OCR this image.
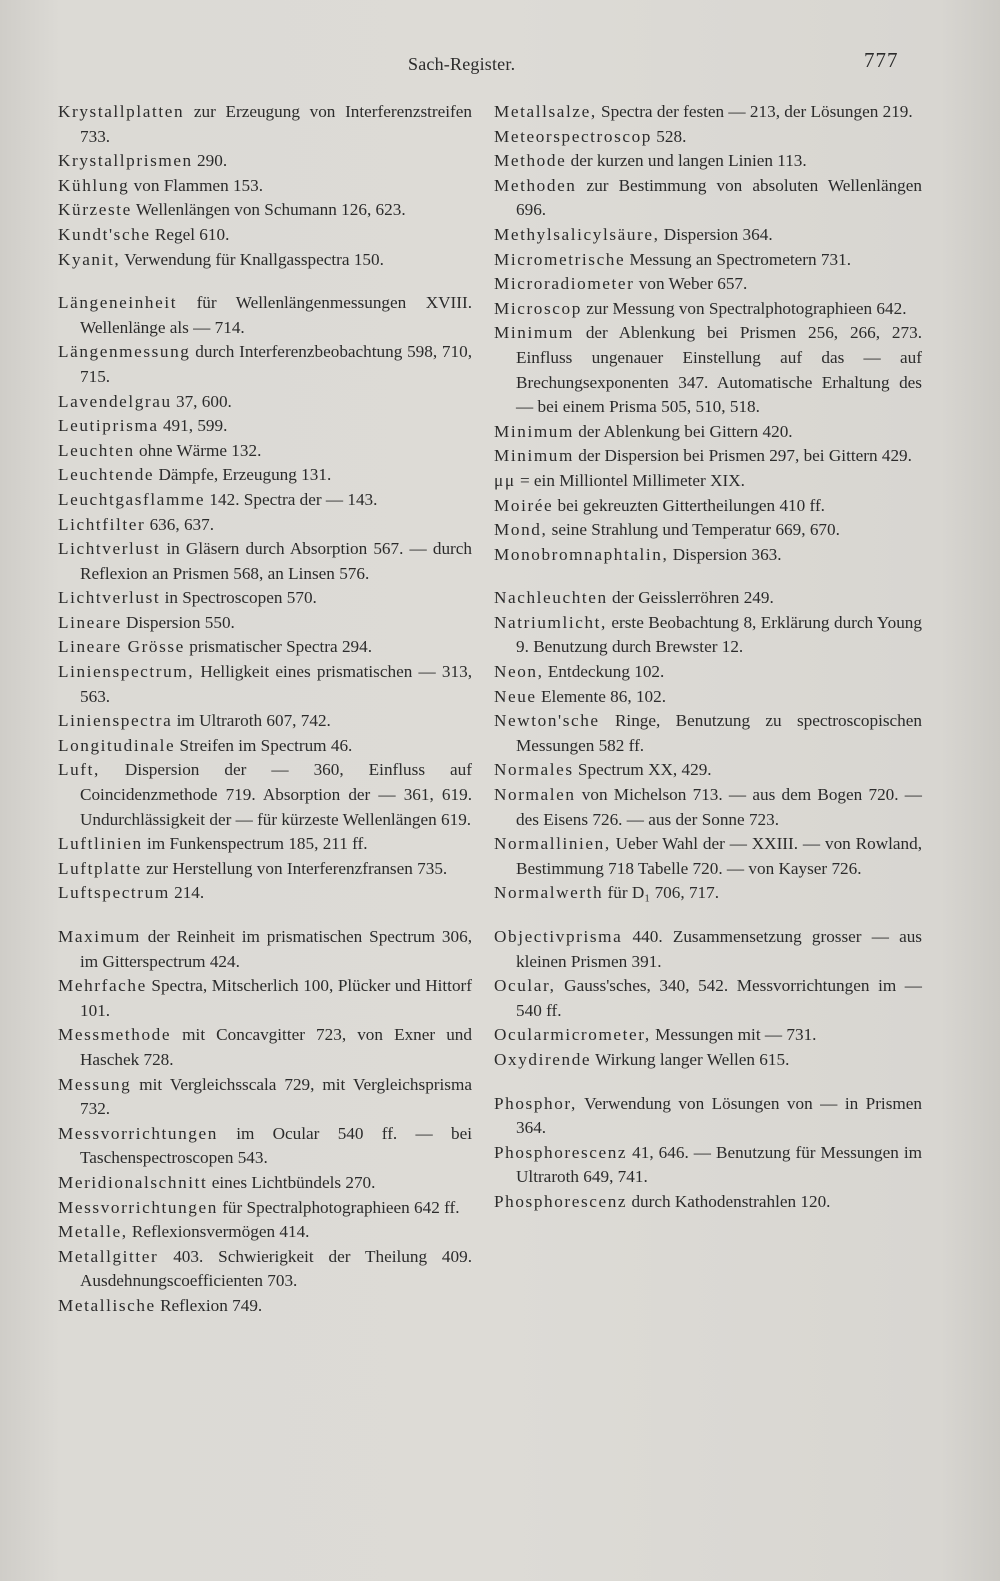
Sach-Register.	777

Krystallplatten zur Erzeugung von Interferenzstreifen 733.

Krystallprismen 290.

Kühlung von Flammen 153.

Kürzeste Wellenlängen von Schumann 126, 623.

Kundt'sche Regel 610.

Kyanit, Verwendung für Knallgasspectra 150.

Längeneinheit für Wellenlängenmessungen XVIII. Wellenlänge als — 714.

Längenmessung durch Interferenzbeobachtung 598, 710, 715.

Lavendelgrau 37, 600.

Leutiprisma 491, 599.

Leuchten ohne Wärme 132.

Leuchtende Dämpfe, Erzeugung 131.

Leuchtgasflamme 142. Spectra der — 143.

Lichtfilter 636, 637.

Lichtverlust in Gläsern durch Absorption 567. — durch Reflexion an Prismen 568, an Linsen 576.

Lichtverlust in Spectroscopen 570.

Lineare Dispersion 550.

Lineare Grösse prismatischer Spectra 294.

Linienspectrum, Helligkeit eines prismatischen — 313, 563.

Linienspectra im Ultraroth 607, 742.

Longitudinale Streifen im Spectrum 46.

Luft, Dispersion der — 360, Einfluss auf Coincidenzmethode 719. Absorption der — 361, 619. Undurchlässigkeit der — für kürzeste Wellenlängen 619.

Luftlinien im Funkenspectrum 185, 211 ff.

Luftplatte zur Herstellung von Interferenzfransen 735.

Luftspectrum 214.

Maximum der Reinheit im prismatischen Spectrum 306, im Gitterspectrum 424.

Mehrfache Spectra, Mitscherlich 100, Plücker und Hittorf 101.

Messmethode mit Concavgitter 723, von Exner und Haschek 728.

Messung mit Vergleichsscala 729, mit Vergleichsprisma 732.

Messvorrichtungen im Ocular 540 ff. — bei Taschenspectroscopen 543.

Meridionalschnitt eines Lichtbündels 270.

Messvorrichtungen für Spectralphotographieen 642 ff.

Metalle, Reflexionsvermögen 414.

Metallgitter 403. Schwierigkeit der Theilung 409. Ausdehnungscoefficienten 703.

Metallische Reflexion 749.

Metallsalze, Spectra der festen — 213, der Lösungen 219.

Meteorspectroscop 528.

Methode der kurzen und langen Linien 113.

Methoden zur Bestimmung von absoluten Wellenlängen 696.

Methylsalicylsäure, Dispersion 364.

Micrometrische Messung an Spectrometern 731.

Microradiometer von Weber 657.

Microscop zur Messung von Spectralphotographieen 642.

Minimum der Ablenkung bei Prismen 256, 266, 273. Einfluss ungenauer Einstellung auf das — auf Brechungsexponenten 347. Automatische Erhaltung des — bei einem Prisma 505, 510, 518.

Minimum der Ablenkung bei Gittern 420.

Minimum der Dispersion bei Prismen 297, bei Gittern 429.

μμ = ein Milliontel Millimeter XIX.

Moirée bei gekreuzten Gittertheilungen 410 ff.

Mond, seine Strahlung und Temperatur 669, 670.

Monobromnaphtalin, Dispersion 363.

Nachleuchten der Geisslerröhren 249.

Natriumlicht, erste Beobachtung 8, Erklärung durch Young 9. Benutzung durch Brewster 12.

Neon, Entdeckung 102.

Neue Elemente 86, 102.

Newton'sche Ringe, Benutzung zu spectroscopischen Messungen 582 ff.

Normales Spectrum XX, 429.

Normalen von Michelson 713. — aus dem Bogen 720. — des Eisens 726. — aus der Sonne 723.

Normallinien, Ueber Wahl der — XXIII. — von Rowland, Bestimmung 718 Tabelle 720. — von Kayser 726.

Normalwerth für D₁ 706, 717.

Objectivprisma 440. Zusammensetzung grosser — aus kleinen Prismen 391.

Ocular, Gauss'sches, 340, 542. Messvorrichtungen im — 540 ff.

Ocularmicrometer, Messungen mit — 731.

Oxydirende Wirkung langer Wellen 615.

Phosphor, Verwendung von Lösungen von — in Prismen 364.

Phosphorescenz 41, 646. — Benutzung für Messungen im Ultraroth 649, 741.

Phosphorescenz durch Kathodenstrahlen 120.
